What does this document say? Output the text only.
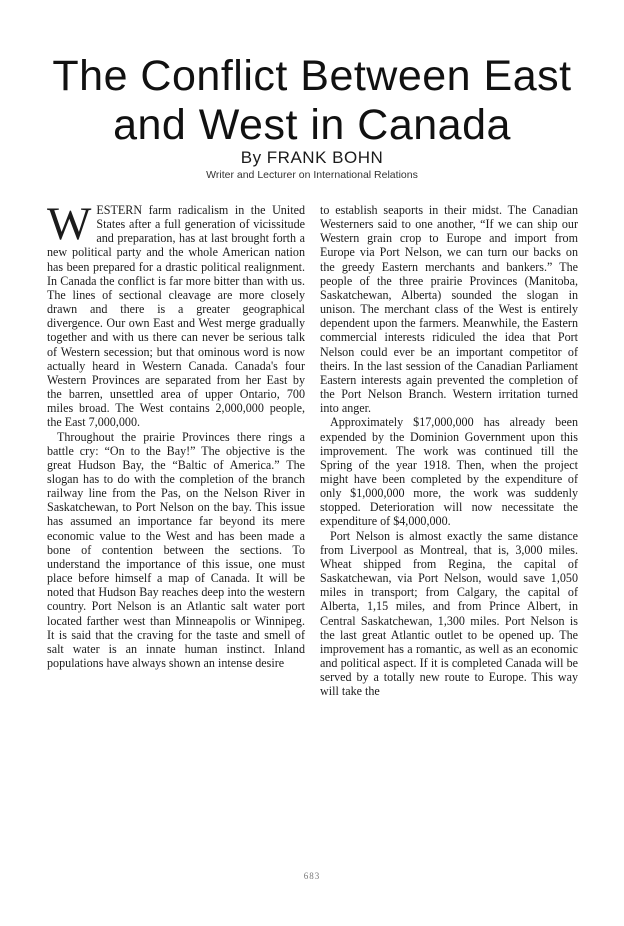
The Conflict Between East
and West in Canada
By FRANK BOHN
Writer and Lecturer on International Relations

WESTERN farm radicalism in the United States after a full generation of vicissitude and preparation, has at last brought forth a new political party and the whole American nation has been prepared for a drastic political realignment. In Canada the conflict is far more bitter than with us. The lines of sectional cleavage are more closely drawn and there is a greater geographical divergence. Our own East and West merge gradually together and with us there can never be serious talk of Western secession; but that ominous word is now actually heard in Western Canada. Canada's four Western Provinces are separated from her East by the barren, unsettled area of upper Ontario, 700 miles broad. The West contains 2,000,000 people, the East 7,000,000.

Throughout the prairie Provinces there rings a battle cry: “On to the Bay!” The objective is the great Hudson Bay, the “Baltic of America.” The slogan has to do with the completion of the branch railway line from the Pas, on the Nelson River in Saskatchewan, to Port Nelson on the bay. This issue has assumed an importance far beyond its mere economic value to the West and has been made a bone of contention between the sections. To understand the importance of this issue, one must place before himself a map of Canada. It will be noted that Hudson Bay reaches deep into the western country. Port Nelson is an Atlantic salt water port located farther west than Minneapolis or Winnipeg. It is said that the craving for the taste and smell of salt water is an innate human instinct. Inland populations have always shown an intense desire

to establish seaports in their midst. The Canadian Westerners said to one another, “If we can ship our Western grain crop to Europe and import from Europe via Port Nelson, we can turn our backs on the greedy Eastern merchants and bankers.” The people of the three prairie Provinces (Manitoba, Saskatchewan, Alberta) sounded the slogan in unison. The merchant class of the West is entirely dependent upon the farmers. Meanwhile, the Eastern commercial interests ridiculed the idea that Port Nelson could ever be an important competitor of theirs. In the last session of the Canadian Parliament Eastern interests again prevented the completion of the Port Nelson Branch. Western irritation turned into anger.

Approximately $17,000,000 has already been expended by the Dominion Government upon this improvement. The work was continued till the Spring of the year 1918. Then, when the project might have been completed by the expenditure of only $1,000,000 more, the work was suddenly stopped. Deterioration will now necessitate the expenditure of $4,000,000.

Port Nelson is almost exactly the same distance from Liverpool as Montreal, that is, 3,000 miles. Wheat shipped from Regina, the capital of Saskatchewan, via Port Nelson, would save 1,050 miles in transport; from Calgary, the capital of Alberta, 1,15 miles, and from Prince Albert, in Central Saskatchewan, 1,300 miles. Port Nelson is the last great Atlantic outlet to be opened up. The improvement has a romantic, as well as an economic and political aspect. If it is completed Canada will be served by a totally new route to Europe. This way will take the

683
